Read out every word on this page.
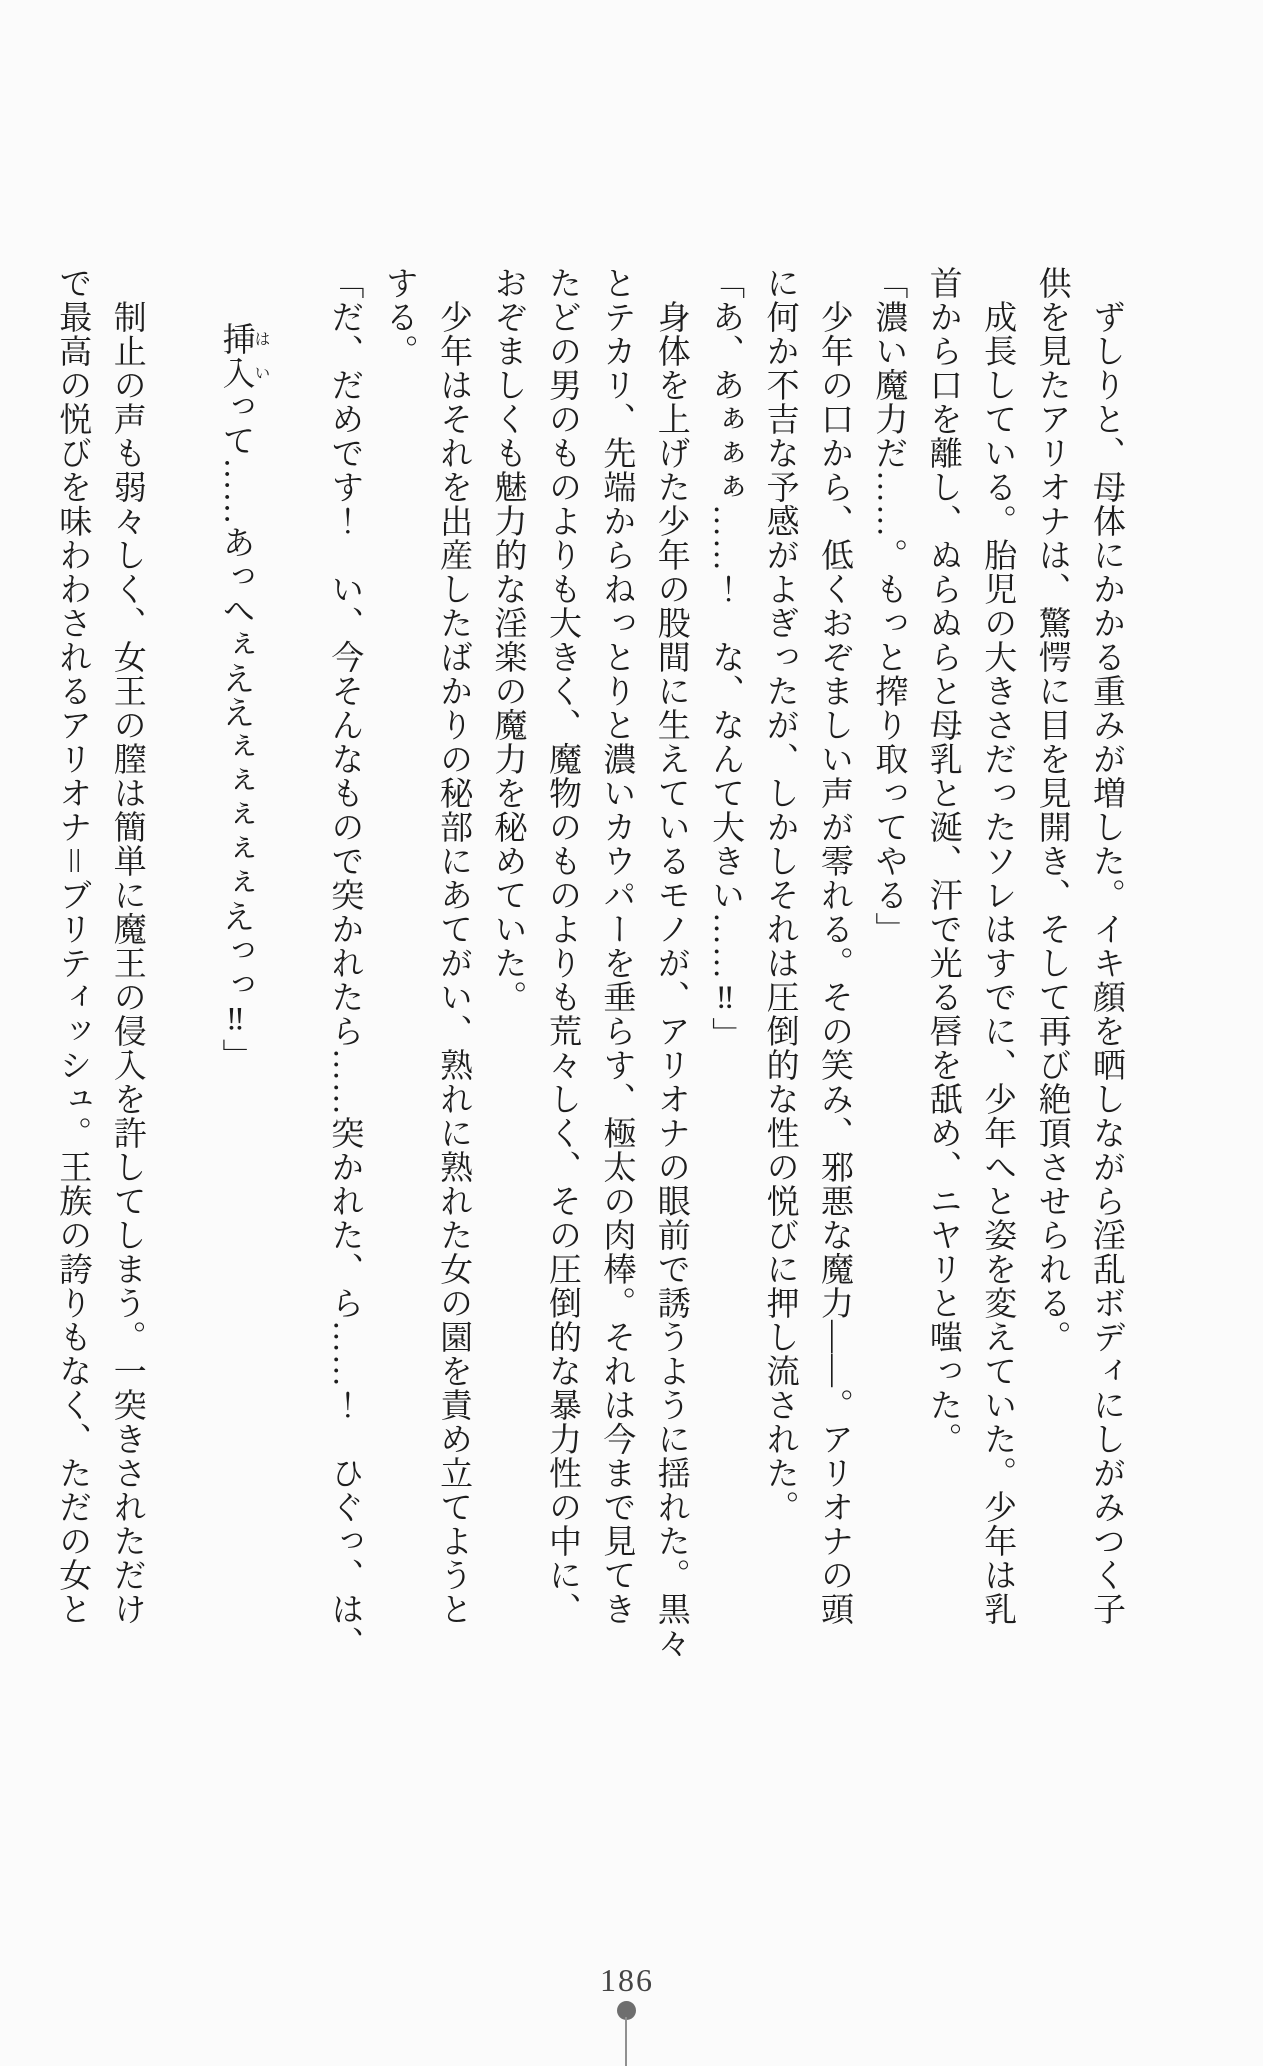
　ずしりと、母体にかかる重みが増した。イキ顔を晒しながら淫乱ボディにしがみつく子
供を見たアリオナは、驚愕に目を見開き、そして再び絶頂させられる。
　成長している。胎児の大きさだったソレはすでに、少年へと姿を変えていた。少年は乳
首から口を離し、ぬらぬらと母乳と涎、汗で光る唇を舐め、ニヤリと嗤った。
「濃い魔力だ……。もっと搾り取ってやる」
　少年の口から、低くおぞましい声が零れる。その笑み、邪悪な魔力――。アリオナの頭
に何か不吉な予感がよぎったが、しかしそれは圧倒的な性の悦びに押し流された。
「あ、あぁぁぁ……！　な、なんて大きい……‼」
　身体を上げた少年の股間に生えているモノが、アリオナの眼前で誘うように揺れた。黒々
とテカリ、先端からねっとりと濃いカウパーを垂らす、極太の肉棒。それは今まで見てき
たどの男のものよりも大きく、魔物のものよりも荒々しく、その圧倒的な暴力性の中に、
おぞましくも魅力的な淫楽の魔力を秘めていた。
　少年はそれを出産したばかりの秘部にあてがい、熟れに熟れた女の園を責め立てようと
する。
「だ、だめです！　い、今そんなもので突かれたら……突かれた、ら……！　ひぐっ、は、

挿入はいって……あっへぇええぇぇぇぇぇえっっ‼」

　制止の声も弱々しく、女王の膣は簡単に魔王の侵入を許してしまう。一突きされただけ
で最高の悦びを味わわされるアリオナ＝ブリティッシュ。王族の誇りもなく、ただの女と
186
